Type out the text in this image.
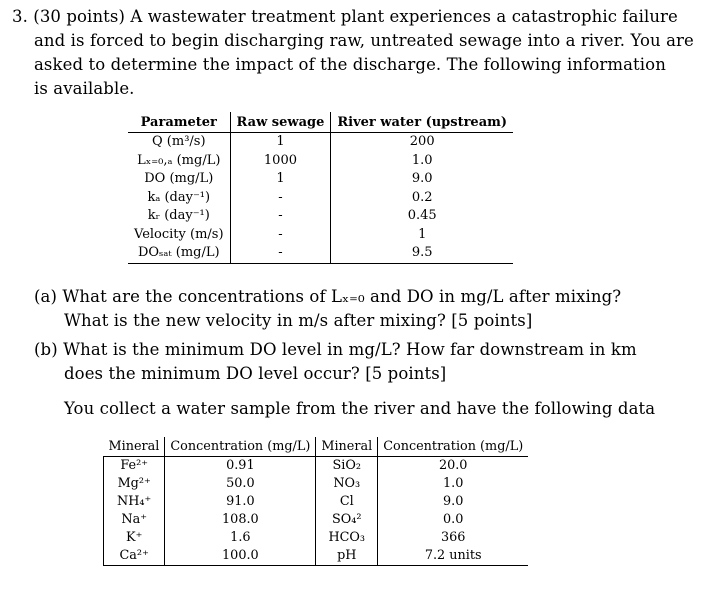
3. (30 points) A wastewater treatment plant experiences a catastrophic failure
and is forced to begin discharging raw, untreated sewage into a river. You are
asked to determine the impact of the discharge. The following information
is available.
Parameter	Raw sewage	River water (upstream)
Q (m³/s)	1	200
Lₓ₌₀,ₐ (mg/L)	1000	1.0
DO (mg/L)	1	9.0
kₐ (day⁻¹)	-	0.2
kᵣ (day⁻¹)	-	0.45
Velocity (m/s)	-	1
DOₛₐₜ (mg/L)	-	9.5
(a) What are the concentrations of Lₓ₌₀ and DO in mg/L after mixing?
What is the new velocity in m/s after mixing? [5 points]
(b) What is the minimum DO level in mg/L? How far downstream in km
does the minimum DO level occur? [5 points]
You collect a water sample from the river and have the following data
Mineral	Concentration (mg/L)	Mineral	Concentration (mg/L)
Fe²⁺	0.91	SiO₂	20.0
Mg²⁺	50.0	NO₃	1.0
NH₄⁺	91.0	Cl	9.0
Na⁺	108.0	SO₄²	0.0
K⁺	1.6	HCO₃	366
Ca²⁺	100.0	pH	7.2 units
